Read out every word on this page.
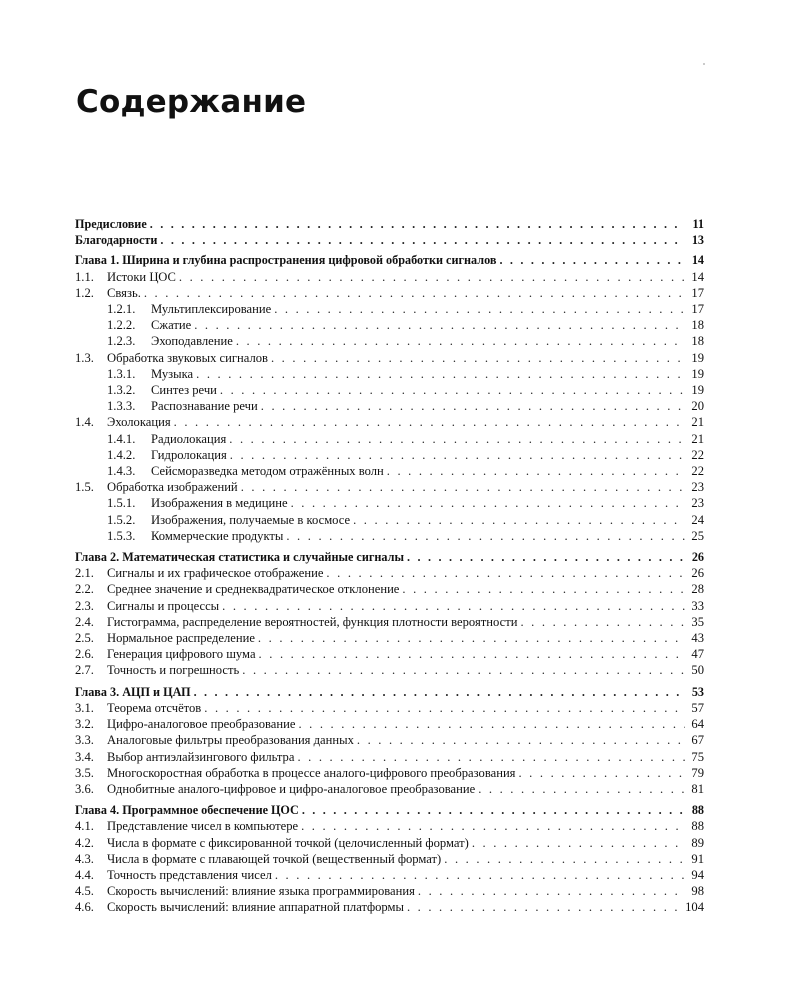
Содержание
Предисловие . . .	11
Благодарности . . .	13
Глава 1. Ширина и глубина распространения цифровой обработки сигналов . . .	14
1.1.	Истоки ЦОС . . .	14
1.2.	Связь. . . .	17
1.2.1.	Мультиплексирование . . .	17
1.2.2.	Сжатие . . .	18
1.2.3.	Эхоподавление . . .	18
1.3.	Обработка звуковых сигналов . . .	19
1.3.1.	Музыка . . .	19
1.3.2.	Синтез речи . . .	19
1.3.3.	Распознавание речи . . .	20
1.4.	Эхолокация . . .	21
1.4.1.	Радиолокация . . .	21
1.4.2.	Гидролокация . . .	22
1.4.3.	Сейсморазведка методом отражённых волн . . .	22
1.5.	Обработка изображений . . .	23
1.5.1.	Изображения в медицине . . .	23
1.5.2.	Изображения, получаемые в космосе . . .	24
1.5.3.	Коммерческие продукты . . .	25
Глава 2. Математическая статистика и случайные сигналы . . .	26
2.1.	Сигналы и их графическое отображение . . .	26
2.2.	Среднее значение и среднеквадратическое отклонение . . .	28
2.3.	Сигналы и процессы . . .	33
2.4.	Гистограмма, распределение вероятностей, функция плотности вероятности . . .	35
2.5.	Нормальное распределение . . .	43
2.6.	Генерация цифрового шума . . .	47
2.7.	Точность и погрешность . . .	50
Глава 3. АЦП и ЦАП . . .	53
3.1.	Теорема отсчётов . . .	57
3.2.	Цифро-аналоговое преобразование . . .	64
3.3.	Аналоговые фильтры преобразования данных . . .	67
3.4.	Выбор антиэлайзингового фильтра . . .	75
3.5.	Многоскоростная обработка в процессе аналого-цифрового преобразования . . .	79
3.6.	Однобитные аналого-цифровое и цифро-аналоговое преобразование . . .	81
Глава 4. Программное обеспечение ЦОС . . .	88
4.1.	Представление чисел в компьютере . . .	88
4.2.	Числа в формате с фиксированной точкой (целочисленный формат) . . .	89
4.3.	Числа в формате с плавающей точкой (вещественный формат) . . .	91
4.4.	Точность представления чисел . . .	94
4.5.	Скорость вычислений: влияние языка программирования . . .	98
4.6.	Скорость вычислений: влияние аппаратной платформы . . .	104
